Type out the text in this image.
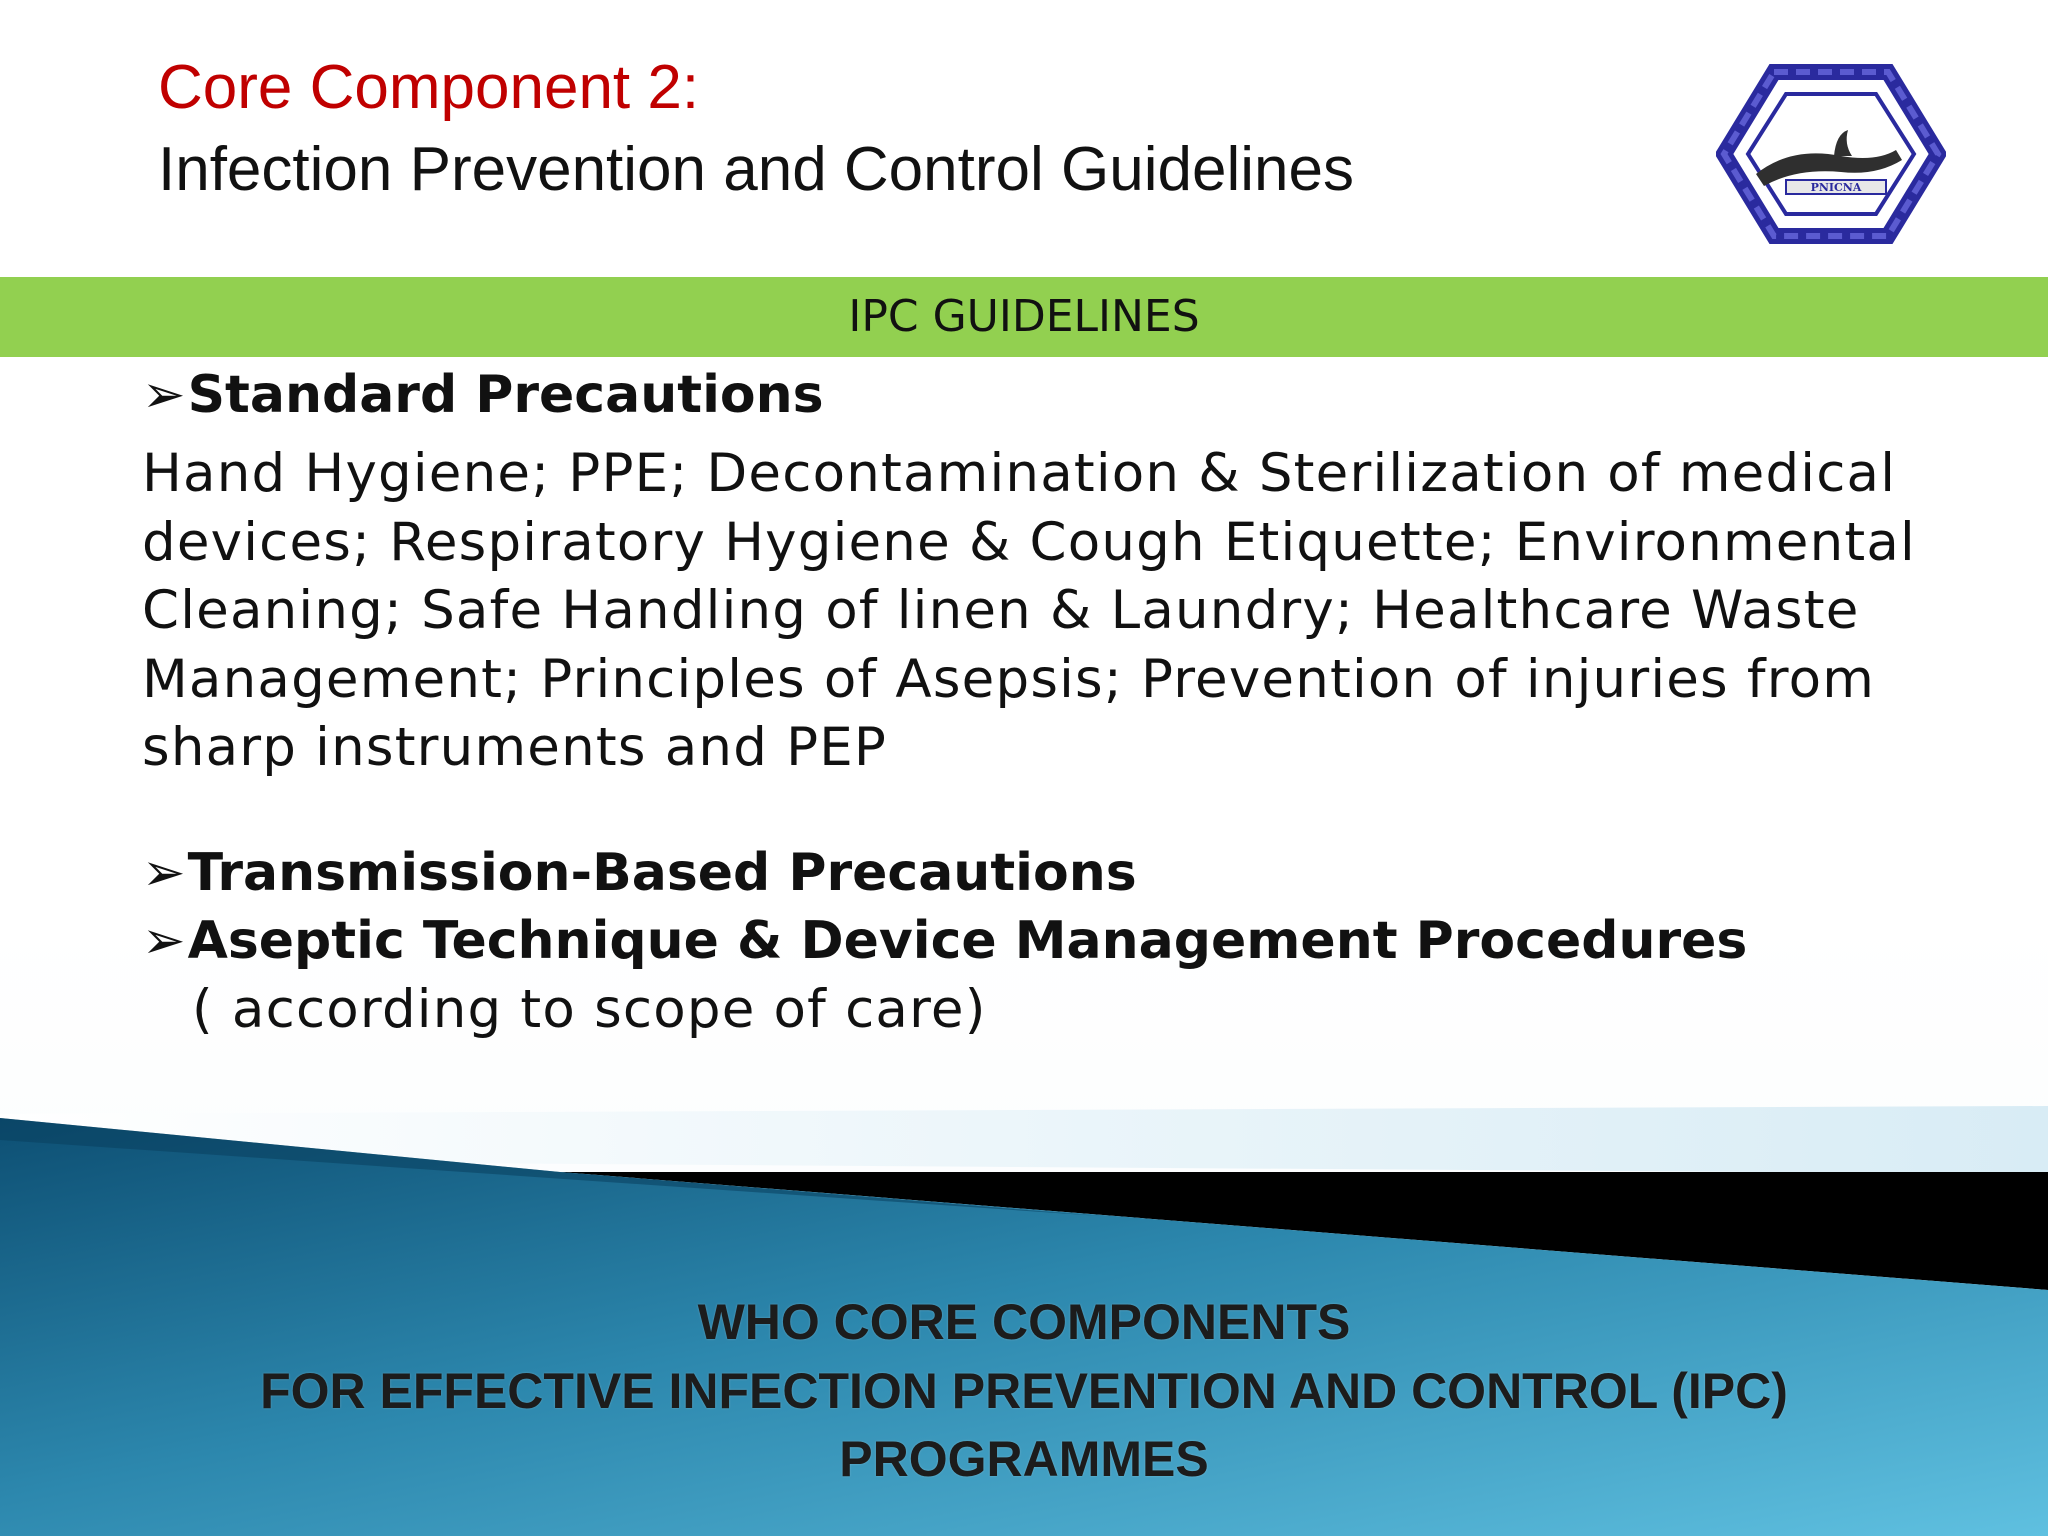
Core Component 2:
Infection Prevention and Control Guidelines	PNICNA
IPC GUIDELINES
➢Standard Precautions
Hand Hygiene; PPE; Decontamination & Sterilization of medical
devices; Respiratory Hygiene & Cough Etiquette; Environmental
Cleaning; Safe Handling of linen & Laundry; Healthcare Waste
Management; Principles of Asepsis; Prevention of injuries from
sharp instruments and PEP
➢Transmission-Based Precautions
➢Aseptic Technique & Device Management Procedures
( according to scope of care)
WHO CORE COMPONENTS
FOR EFFECTIVE INFECTION PREVENTION AND CONTROL (IPC)
PROGRAMMES
